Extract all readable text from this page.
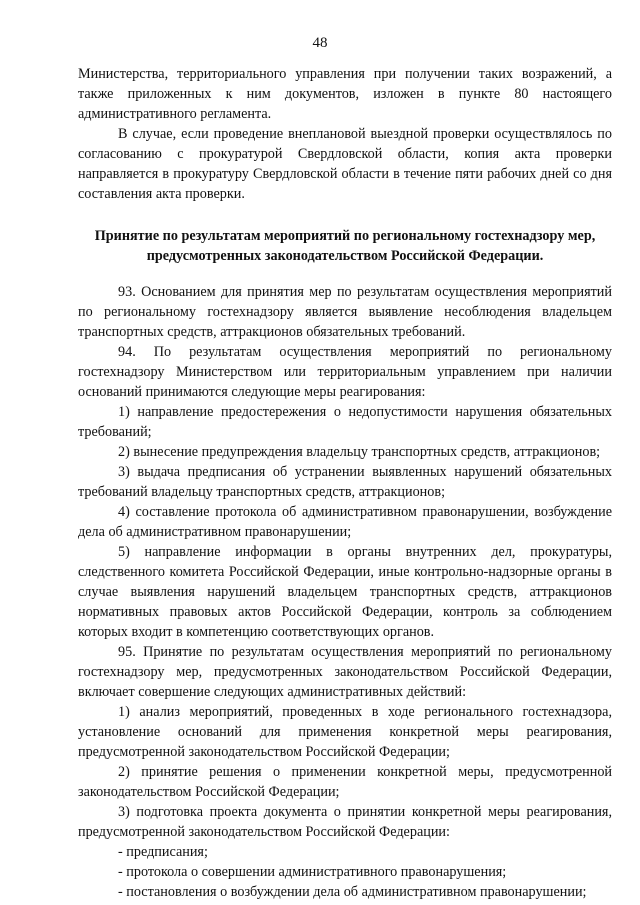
48

Министерства, территориального управления при получении таких возражений, а также приложенных к ним документов, изложен в пункте 80 настоящего административного регламента.

В случае, если проведение внеплановой выездной проверки осуществлялось по согласованию с прокуратурой Свердловской области, копия акта проверки направляется в прокуратуру Свердловской области в течение пяти рабочих дней со дня составления акта проверки.

Принятие по результатам мероприятий по региональному гостехнадзору мер, предусмотренных законодательством Российской Федерации.

93. Основанием для принятия мер по результатам осуществления мероприятий по региональному гостехнадзору является выявление несоблюдения владельцем транспортных средств, аттракционов обязательных требований.

94. По результатам осуществления мероприятий по региональному гостехнадзору Министерством или территориальным управлением при наличии оснований принимаются следующие меры реагирования:

1) направление предостережения о недопустимости нарушения обязательных требований;

2) вынесение предупреждения владельцу транспортных средств, аттракционов;

3) выдача предписания об устранении выявленных нарушений обязательных требований владельцу транспортных средств, аттракционов;

4) составление протокола об административном правонарушении, возбуждение дела об административном правонарушении;

5) направление информации в органы внутренних дел, прокуратуры, следственного комитета Российской Федерации, иные контрольно-надзорные органы в случае выявления нарушений владельцем транспортных средств, аттракционов нормативных правовых актов Российской Федерации, контроль за соблюдением которых входит в компетенцию соответствующих органов.

95. Принятие по результатам осуществления мероприятий по региональному гостехнадзору мер, предусмотренных законодательством Российской Федерации, включает совершение следующих административных действий:

1) анализ мероприятий, проведенных в ходе регионального гостехнадзора, установление оснований для применения конкретной меры реагирования, предусмотренной законодательством Российской Федерации;

2) принятие решения о применении конкретной меры, предусмотренной законодательством Российской Федерации;

3) подготовка проекта документа о принятии конкретной меры реагирования, предусмотренной законодательством Российской Федерации:

- предписания;

- протокола о совершении административного правонарушения;

- постановления о возбуждении дела об административном правонарушении;
